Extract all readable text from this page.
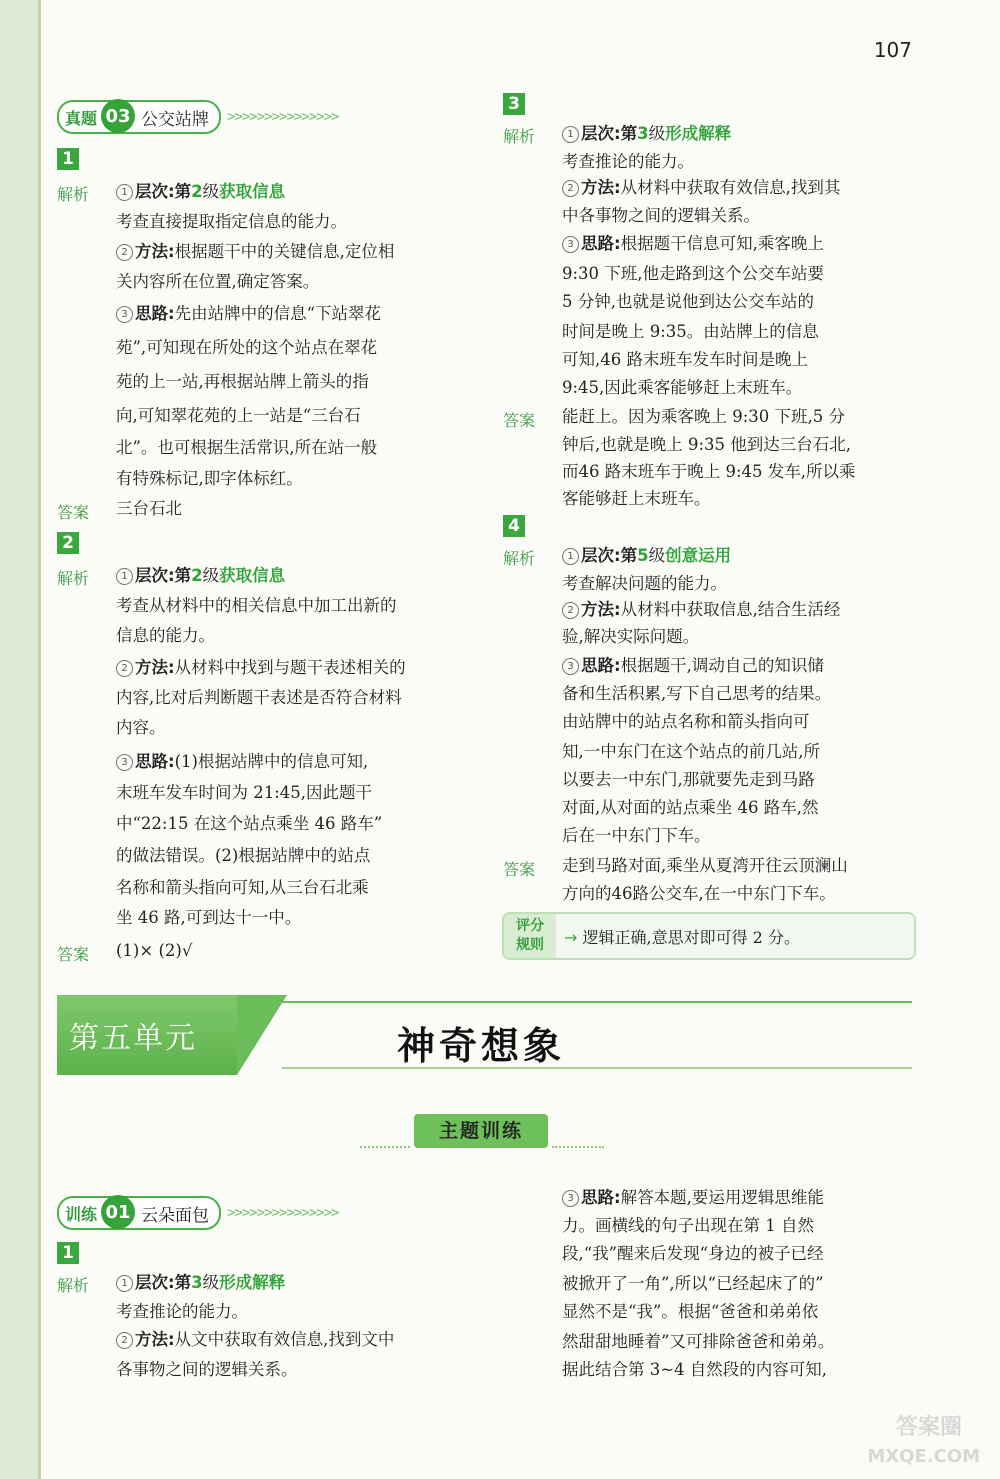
107
真题 03 公交站牌	>>>>>>>>>>>>>>>
1
解析	1 层次:第2级获取信息
考查直接提取指定信息的能力。
2 方法:根据题干中的关键信息,定位相
关内容所在位置,确定答案。
3 思路:先由站牌中的信息“下站翠花
苑”,可知现在所处的这个站点在翠花
苑的上一站,再根据站牌上箭头的指
向,可知翠花苑的上一站是“三台石
北”。也可根据生活常识,所在站一般
有特殊标记,即字体标红。
答案 三台石北
2
解析	1 层次:第2级获取信息
考查从材料中的相关信息中加工出新的
信息的能力。
2 方法:从材料中找到与题干表述相关的
内容,比对后判断题干表述是否符合材料
内容。
3 思路:(1)根据站牌中的信息可知,
末班车发车时间为 21:45,因此题干
中“22:15 在这个站点乘坐 46 路车”
的做法错误。(2)根据站牌中的站点
名称和箭头指向可知,从三台石北乘
坐 46 路,可到达十一中。
答案 (1)× (2)√
3
解析	1 层次:第3级形成解释
考查推论的能力。
2 方法:从材料中获取有效信息,找到其
中各事物之间的逻辑关系。
3 思路:根据题干信息可知,乘客晚上
9:30 下班,他走路到这个公交车站要
5 分钟,也就是说他到达公交车站的
时间是晚上 9:35。由站牌上的信息
可知,46 路末班车发车时间是晚上
9:45,因此乘客能够赶上末班车。
答案 能赶上。因为乘客晚上 9:30 下班,5 分
钟后,也就是晚上 9:35 他到达三台石北,
而46 路末班车于晚上 9:45 发车,所以乘
客能够赶上末班车。
4
解析	1 层次:第5级创意运用
考查解决问题的能力。
2 方法:从材料中获取信息,结合生活经
验,解决实际问题。
3 思路:根据题干,调动自己的知识储
备和生活积累,写下自己思考的结果。
由站牌中的站点名称和箭头指向可
知,一中东门在这个站点的前几站,所
以要去一中东门,那就要先走到马路
对面,从对面的站点乘坐 46 路车,然
后在一中东门下车。
答案 走到马路对面,乘坐从夏湾开往云顶澜山
方向的46路公交车,在一中东门下车。
评分
规则	→ 逻辑正确,意思对即可得 2 分。
第五单元	神奇想象
主题训练
训练 01 云朵面包	>>>>>>>>>>>>>>>
1
解析	1 层次:第3级形成解释
考查推论的能力。
2 方法:从文中获取有效信息,找到文中
各事物之间的逻辑关系。
3 思路:解答本题,要运用逻辑思维能
力。画横线的句子出现在第 1 自然
段,“我”醒来后发现“身边的被子已经
被掀开了一角”,所以“已经起床了的”
显然不是“我”。根据“爸爸和弟弟依
然甜甜地睡着”又可排除爸爸和弟弟。
据此结合第 3~4 自然段的内容可知,
答案圈
MXQE.COM
